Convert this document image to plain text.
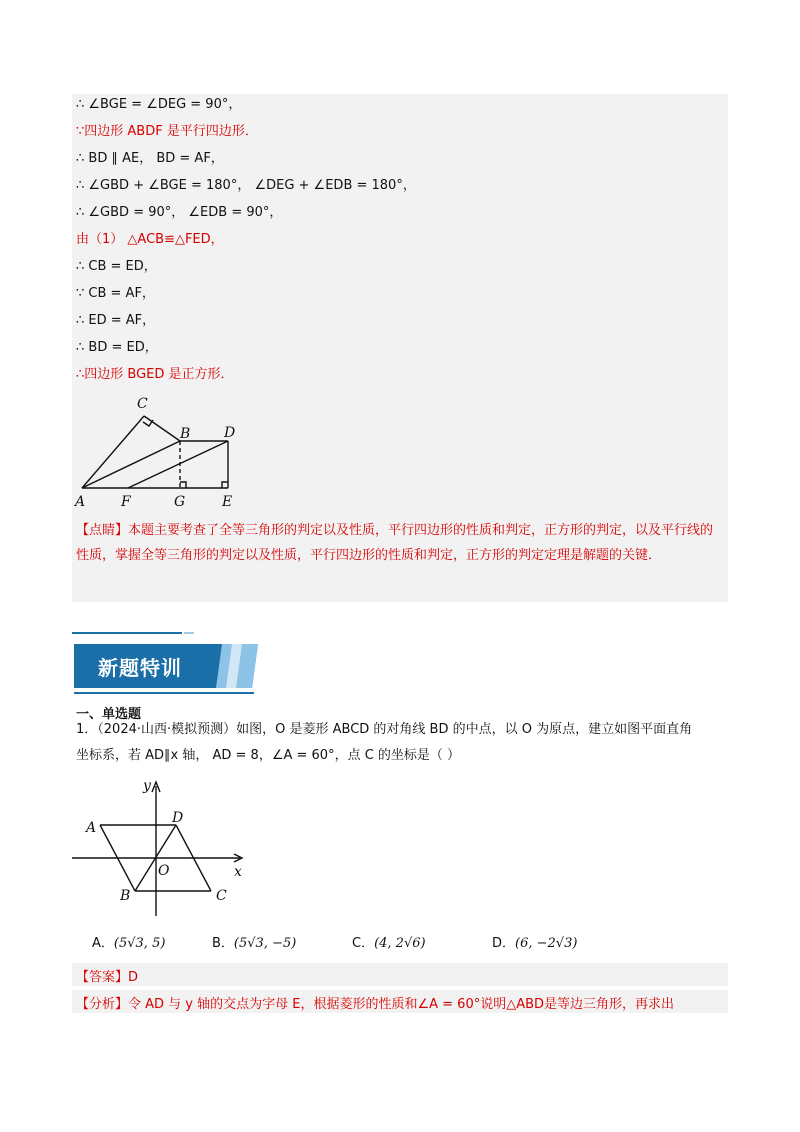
∴ ∠BGE = ∠DEG = 90°，
∵四边形 ABDF 是平行四边形．
∴ BD ∥ AE， BD = AF，
∴ ∠GBD + ∠BGE = 180°， ∠DEG + ∠EDB = 180°，
∴ ∠GBD = 90°， ∠EDB = 90°，
由（1） △ACB≌△FED，
∴ CB = ED，
∵ CB = AF，
∴ ED = AF，
∴ BD = ED，
∴四边形 BGED 是正方形．
C
B D
A	F	G	E
【点睛】本题主要考查了全等三角形的判定以及性质，平行四边形的性质和判定，正方形的判定，以及平行线的性质，掌握全等三角形的判定以及性质，平行四边形的性质和判定，正方形的判定定理是解题的关键．
新题特训
一、单选题
1．（2024·山西·模拟预测）如图，O 是菱形 ABCD 的对角线 BD 的中点，以 O 为原点，建立如图平面直角
坐标系，若 AD∥x 轴， AD = 8，∠A = 60°，点 C 的坐标是（ ）
y
A
D
O	x
B	C
A．(5√3, 5)	B．(5√3, −5)	C．(4, 2√6)	D．(6, −2√3)
【答案】D
【分析】令 AD 与 y 轴的交点为字母 E，根据菱形的性质和∠A = 60°说明△ABD是等边三角形，再求出
